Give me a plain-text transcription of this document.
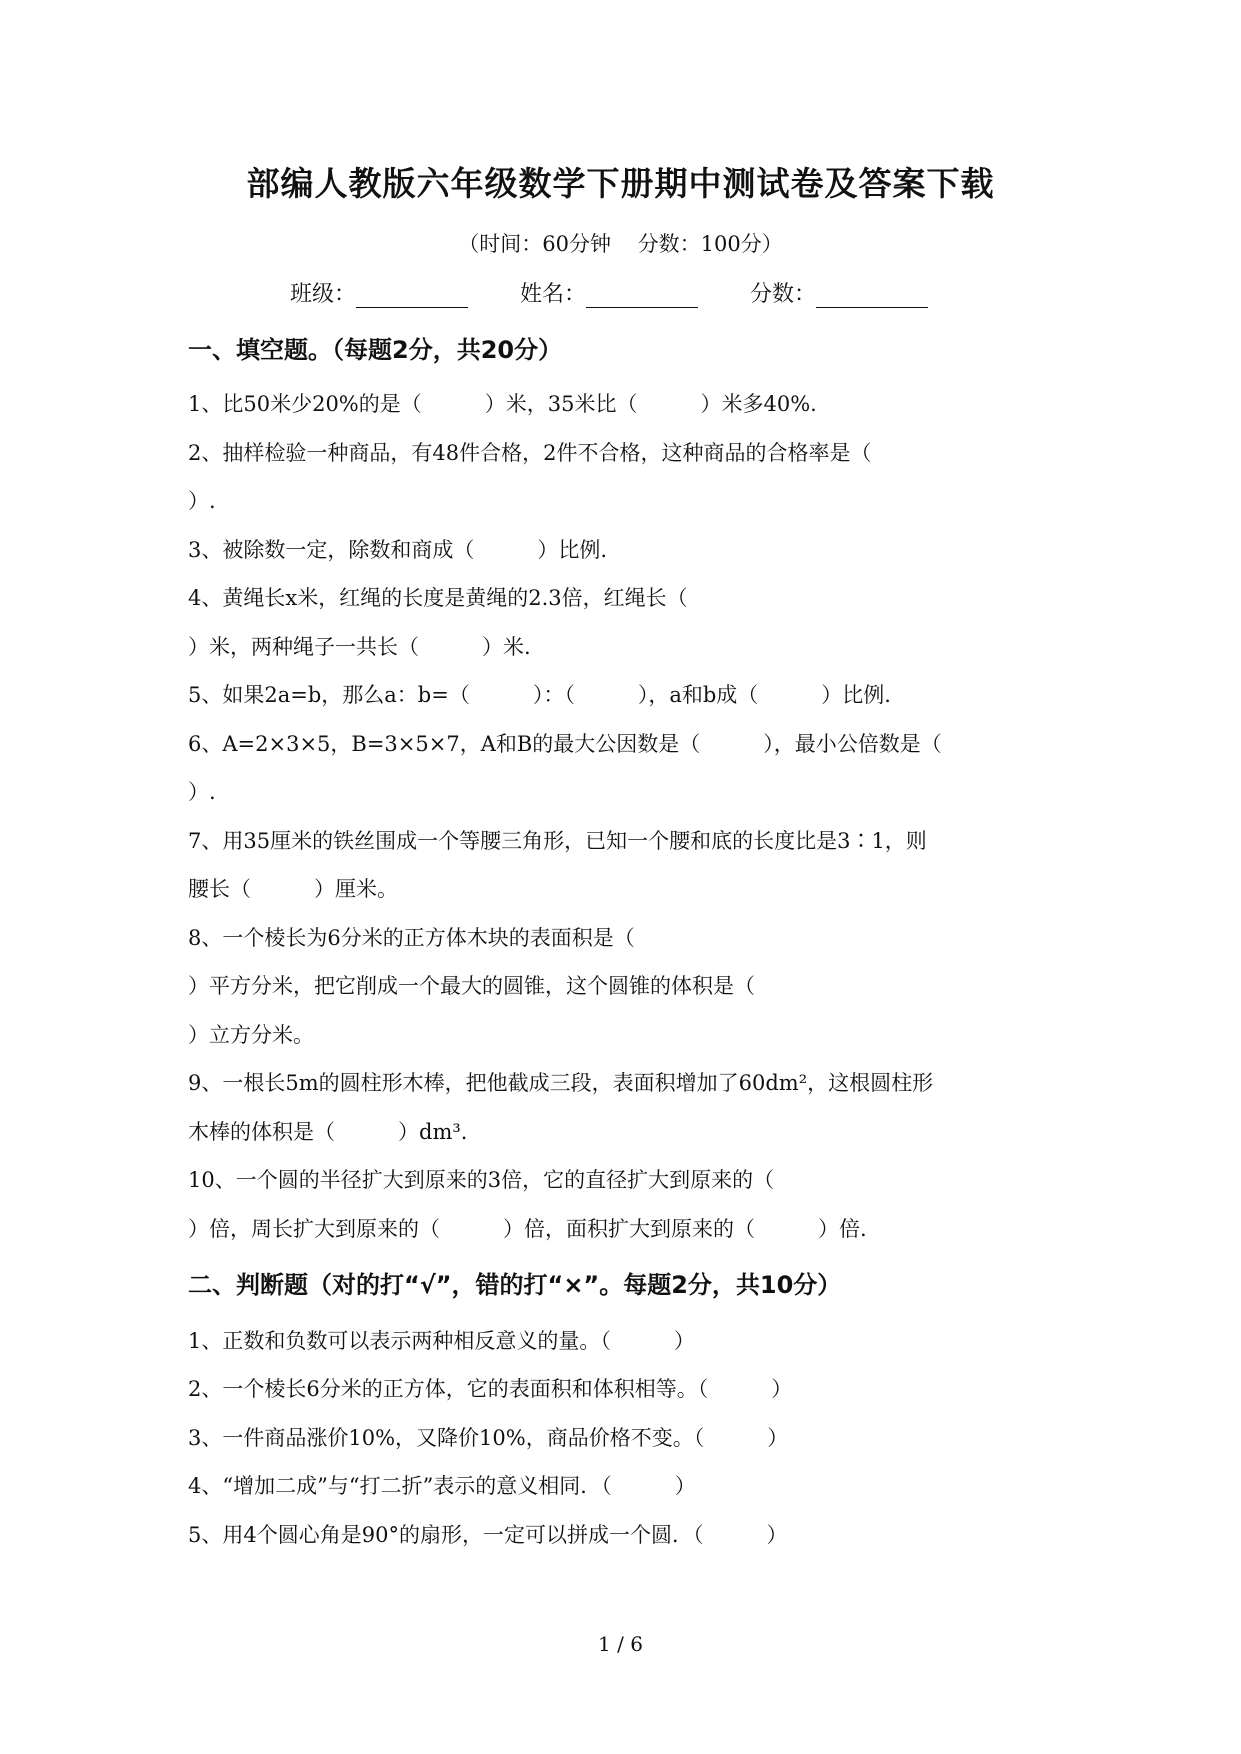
部编人教版六年级数学下册期中测试卷及答案下载
（时间：60分钟 分数：100分）
班级：	姓名：	分数：
一、填空题。（每题2分，共20分）
1、比50米少20%的是（　　　）米，35米比（　　　）米多40%.
2、抽样检验一种商品，有48件合格，2件不合格，这种商品的合格率是（
）.
3、被除数一定，除数和商成（　　　）比例.
4、黄绳长x米，红绳的长度是黄绳的2.3倍，红绳长（
）米，两种绳子一共长（　　　）米.
5、如果2a=b，那么a：b=（　　　）：（　　　），a和b成（　　　）比例.
6、A=2×3×5，B=3×5×7，A和B的最大公因数是（　　　），最小公倍数是（
）.
7、用35厘米的铁丝围成一个等腰三角形，已知一个腰和底的长度比是3∶1，则
腰长（　　　）厘米。
8、一个棱长为6分米的正方体木块的表面积是（
）平方分米，把它削成一个最大的圆锥，这个圆锥的体积是（
）立方分米。
9、一根长5m的圆柱形木棒，把他截成三段，表面积增加了60dm²，这根圆柱形
木棒的体积是（　　　）dm³.
10、一个圆的半径扩大到原来的3倍，它的直径扩大到原来的（
）倍，周长扩大到原来的（　　　）倍，面积扩大到原来的（　　　）倍.
二、判断题（对的打“√”，错的打“×”。每题2分，共10分）
1、正数和负数可以表示两种相反意义的量。（　　　）
2、一个棱长6分米的正方体，它的表面积和体积相等。（　　　）
3、一件商品涨价10%，又降价10%，商品价格不变。（　　　）
4、“增加二成”与“打二折”表示的意义相同．（　　　）
5、用4个圆心角是90°的扇形，一定可以拼成一个圆．（　　　）
1 / 6
